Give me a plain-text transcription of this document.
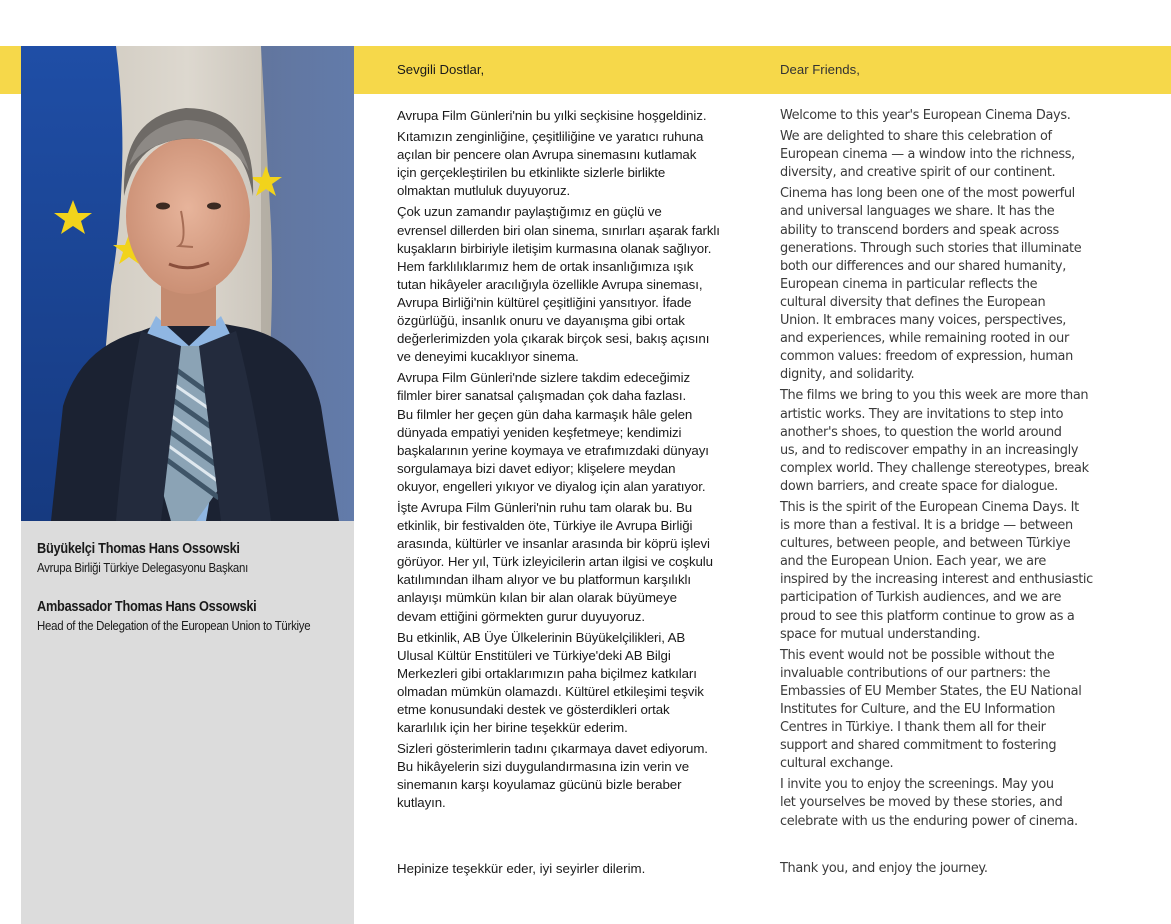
Büyükelçi Thomas Hans Ossowski
Avrupa Birliği Türkiye Delegasyonu Başkanı
Ambassador Thomas Hans Ossowski
Head of the Delegation of the European Union to Türkiye
Sevgili Dostlar,	Dear Friends,

Avrupa Film Günleri'nin bu yılki seçkisine hoşgeldiniz.

Kıtamızın zenginliğine, çeşitliliğine ve yaratıcı ruhuna
açılan bir pencere olan Avrupa sinemasını kutlamak
için gerçekleştirilen bu etkinlikte sizlerle birlikte
olmaktan mutluluk duyuyoruz.

Çok uzun zamandır paylaştığımız en güçlü ve
evrensel dillerden biri olan sinema, sınırları aşarak farklı
kuşakların birbiriyle iletişim kurmasına olanak sağlıyor.
Hem farklılıklarımız hem de ortak insanlığımıza ışık
tutan hikâyeler aracılığıyla özellikle Avrupa sineması,
Avrupa Birliği'nin kültürel çeşitliğini yansıtıyor. İfade
özgürlüğü, insanlık onuru ve dayanışma gibi ortak
değerlerimizden yola çıkarak birçok sesi, bakış açısını
ve deneyimi kucaklıyor sinema.

Avrupa Film Günleri'nde sizlere takdim edeceğimiz
filmler birer sanatsal çalışmadan çok daha fazlası.
Bu filmler her geçen gün daha karmaşık hâle gelen
dünyada empatiyi yeniden keşfetmeye; kendimizi
başkalarının yerine koymaya ve etrafımızdaki dünyayı
sorgulamaya bizi davet ediyor; klişelere meydan
okuyor, engelleri yıkıyor ve diyalog için alan yaratıyor.

İşte Avrupa Film Günleri'nin ruhu tam olarak bu. Bu
etkinlik, bir festivalden öte, Türkiye ile Avrupa Birliği
arasında, kültürler ve insanlar arasında bir köprü işlevi
görüyor. Her yıl, Türk izleyicilerin artan ilgisi ve coşkulu
katılımından ilham alıyor ve bu platformun karşılıklı
anlayışı mümkün kılan bir alan olarak büyümeye
devam ettiğini görmekten gurur duyuyoruz.

Bu etkinlik, AB Üye Ülkelerinin Büyükelçilikleri, AB
Ulusal Kültür Enstitüleri ve Türkiye'deki AB Bilgi
Merkezleri gibi ortaklarımızın paha biçilmez katkıları
olmadan mümkün olamazdı. Kültürel etkileşimi teşvik
etme konusundaki destek ve gösterdikleri ortak
kararlılık için her birine teşekkür ederim.

Sizleri gösterimlerin tadını çıkarmaya davet ediyorum.
Bu hikâyelerin sizi duygulandırmasına izin verin ve
sinemanın karşı koyulamaz gücünü bizle beraber
kutlayın.

Welcome to this year's European Cinema Days.

We are delighted to share this celebration of
European cinema — a window into the richness,
diversity, and creative spirit of our continent.

Cinema has long been one of the most powerful
and universal languages we share. It has the
ability to transcend borders and speak across
generations. Through such stories that illuminate
both our differences and our shared humanity,
European cinema in particular reflects the
cultural diversity that defines the European
Union. It embraces many voices, perspectives,
and experiences, while remaining rooted in our
common values: freedom of expression, human
dignity, and solidarity.

The films we bring to you this week are more than
artistic works. They are invitations to step into
another's shoes, to question the world around
us, and to rediscover empathy in an increasingly
complex world. They challenge stereotypes, break
down barriers, and create space for dialogue.

This is the spirit of the European Cinema Days. It
is more than a festival. It is a bridge — between
cultures, between people, and between Türkiye
and the European Union. Each year, we are
inspired by the increasing interest and enthusiastic
participation of Turkish audiences, and we are
proud to see this platform continue to grow as a
space for mutual understanding.

This event would not be possible without the
invaluable contributions of our partners: the
Embassies of EU Member States, the EU National
Institutes for Culture, and the EU Information
Centres in Türkiye. I thank them all for their
support and shared commitment to fostering
cultural exchange.

I invite you to enjoy the screenings. May you
let yourselves be moved by these stories, and
celebrate with us the enduring power of cinema.

Hepinize teşekkür eder, iyi seyirler dilerim.	Thank you, and enjoy the journey.
